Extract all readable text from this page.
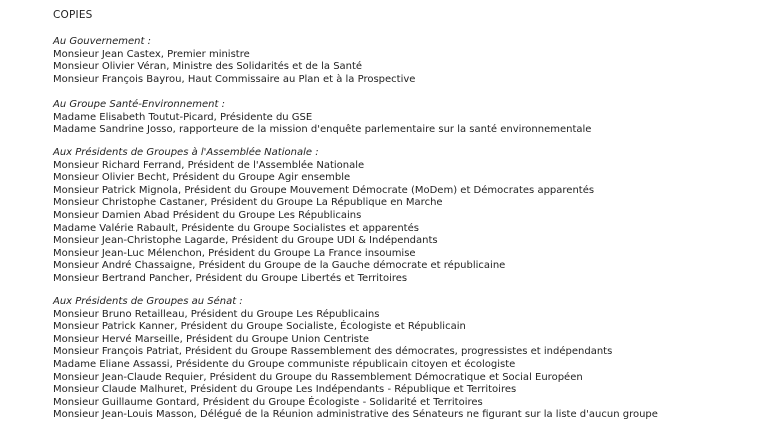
COPIES
Au Gouvernement :
Monsieur Jean Castex, Premier ministre
Monsieur Olivier Véran, Ministre des Solidarités et de la Santé
Monsieur François Bayrou, Haut Commissaire au Plan et à la Prospective
Au Groupe Santé-Environnement :
Madame Elisabeth Toutut-Picard, Présidente du GSE
Madame Sandrine Josso, rapporteure de la mission d'enquête parlementaire sur la santé environnementale
Aux Présidents de Groupes à l'Assemblée Nationale :
Monsieur Richard Ferrand, Président de l'Assemblée Nationale
Monsieur Olivier Becht, Président du Groupe Agir ensemble
Monsieur Patrick Mignola, Président du Groupe Mouvement Démocrate (MoDem) et Démocrates apparentés
Monsieur Christophe Castaner, Président du Groupe La République en Marche
Monsieur Damien Abad Président du Groupe Les Républicains
Madame Valérie Rabault, Présidente du Groupe Socialistes et apparentés
Monsieur Jean-Christophe Lagarde, Président du Groupe UDI & Indépendants
Monsieur Jean-Luc Mélenchon, Président du Groupe La France insoumise
Monsieur André Chassaigne, Président du Groupe de la Gauche démocrate et républicaine
Monsieur Bertrand Pancher, Président du Groupe Libertés et Territoires
Aux Présidents de Groupes au Sénat :
Monsieur Bruno Retailleau, Président du Groupe Les Républicains
Monsieur Patrick Kanner, Président du Groupe Socialiste, Écologiste et Républicain
Monsieur Hervé Marseille, Président du Groupe Union Centriste
Monsieur François Patriat, Président du Groupe Rassemblement des démocrates, progressistes et indépendants
Madame Eliane Assassi, Présidente du Groupe communiste républicain citoyen et écologiste
Monsieur Jean-Claude Requier, Président du Groupe du Rassemblement Démocratique et Social Européen
Monsieur Claude Malhuret, Président du Groupe Les Indépendants - République et Territoires
Monsieur Guillaume Gontard, Président du Groupe Écologiste - Solidarité et Territoires
Monsieur Jean-Louis Masson, Délégué de la Réunion administrative des Sénateurs ne figurant sur la liste d'aucun groupe
